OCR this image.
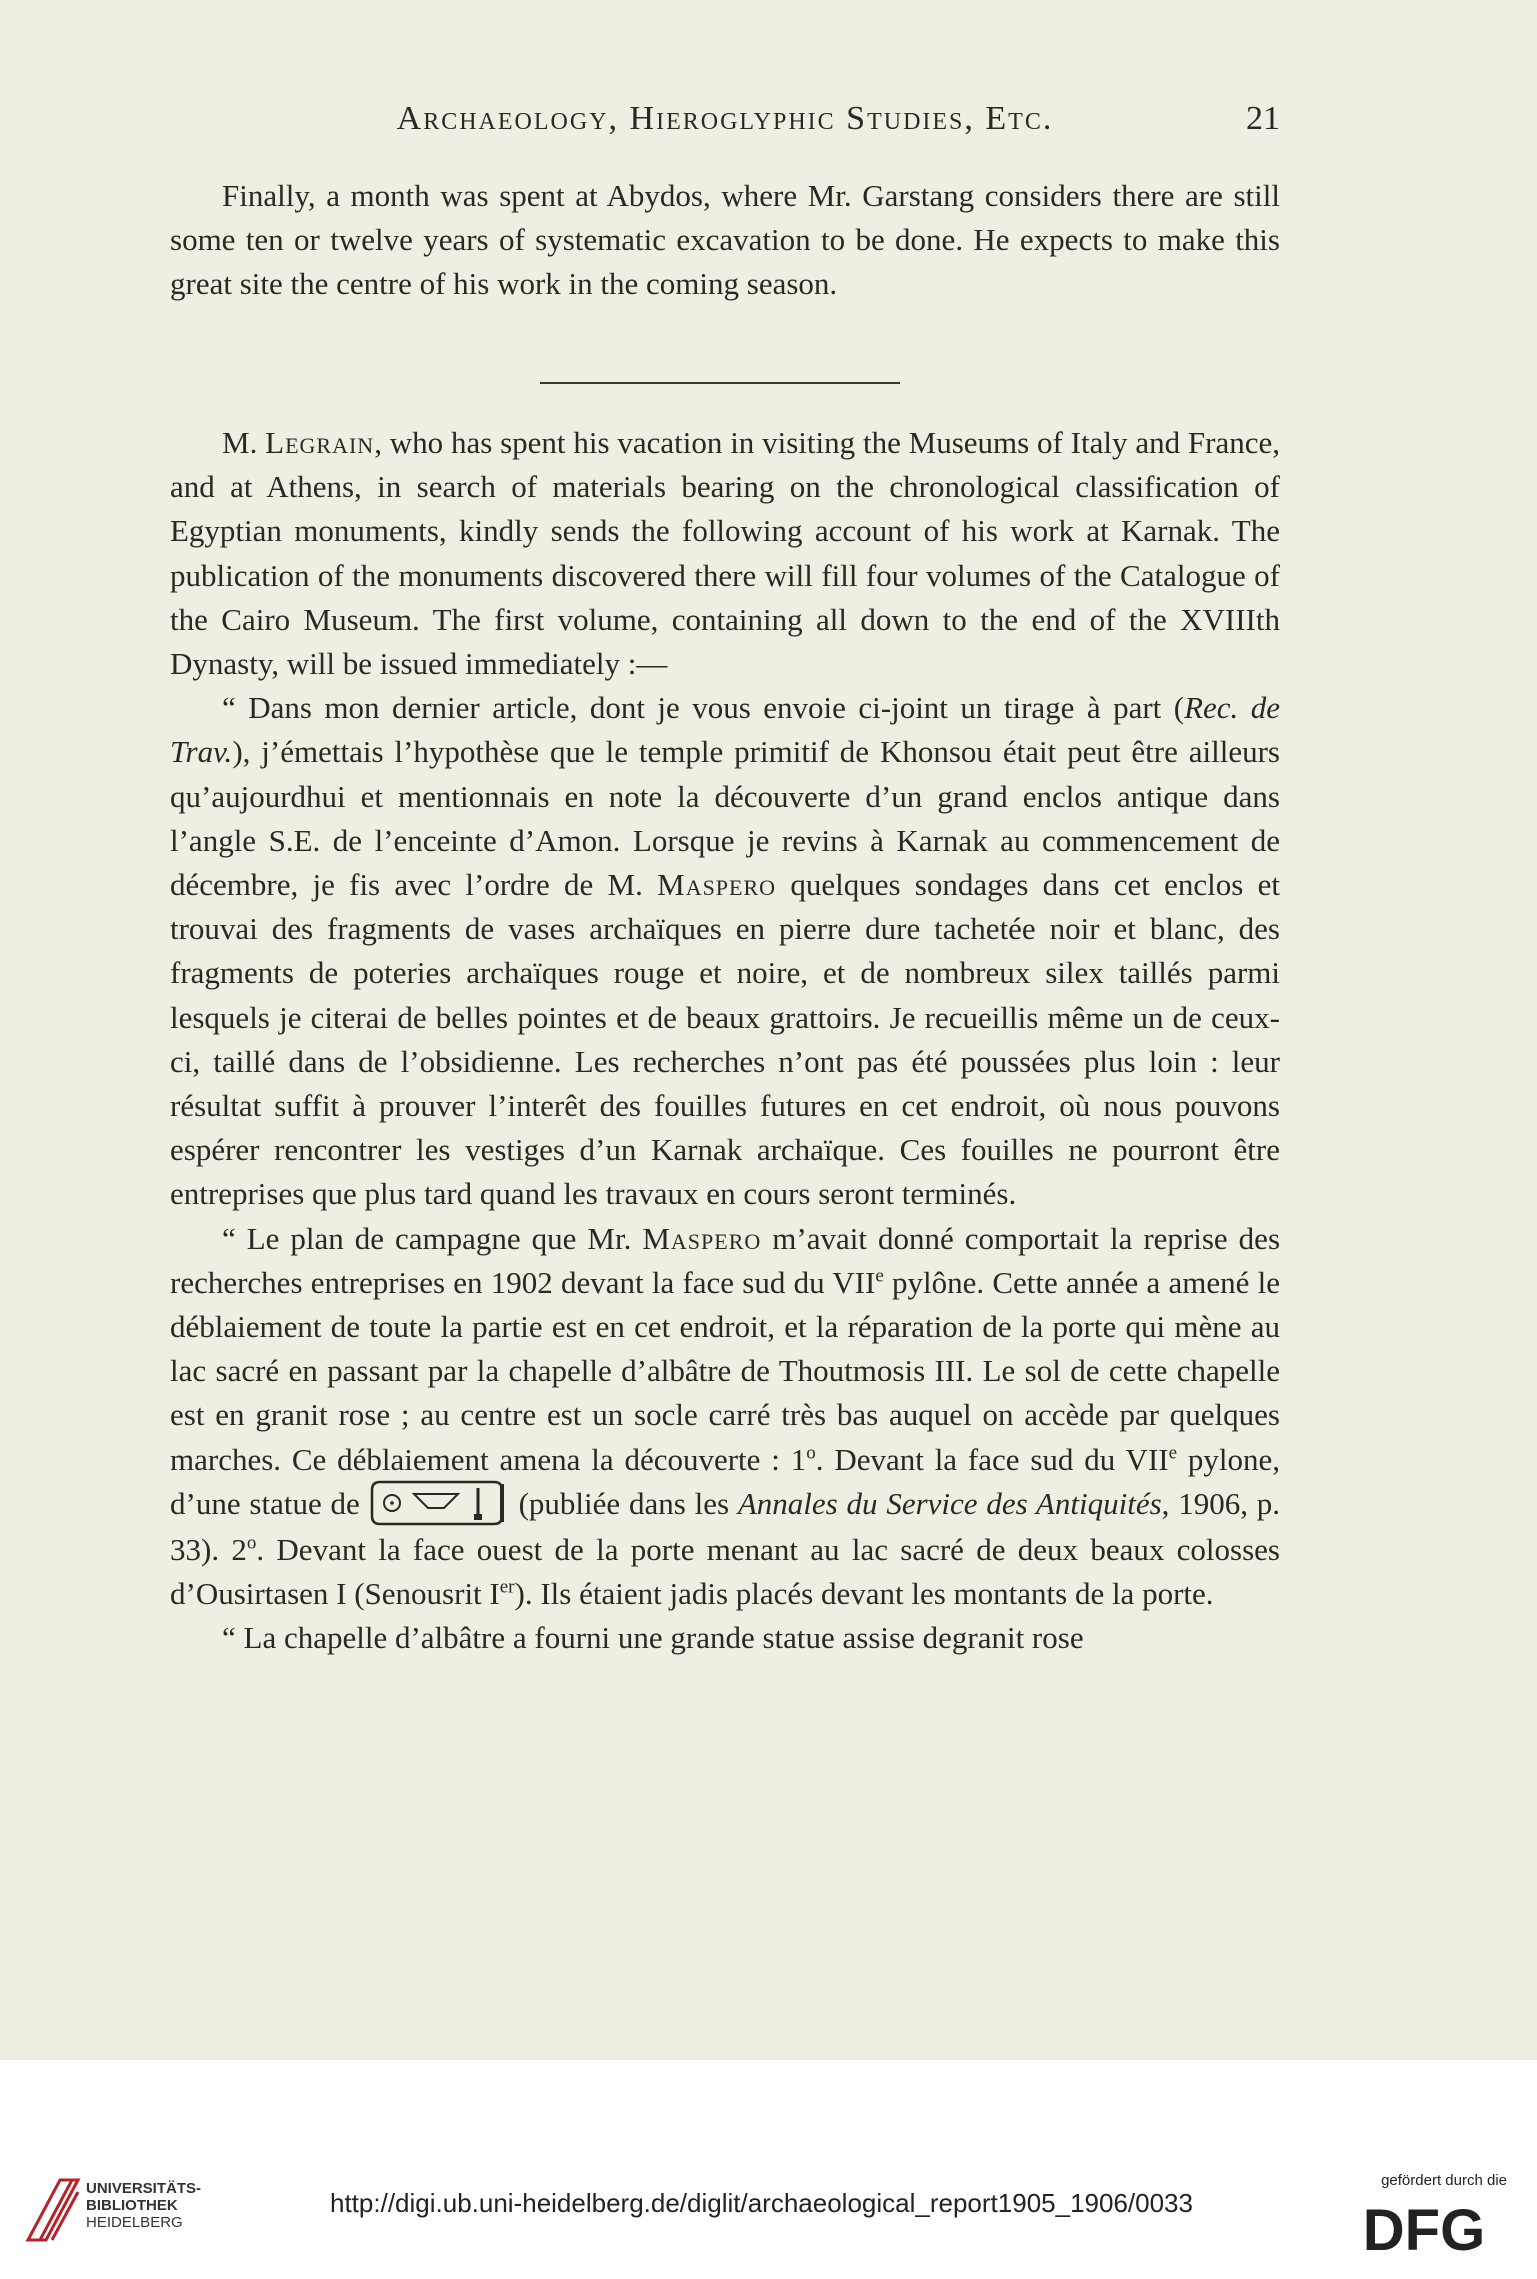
Archaeology, Hieroglyphic Studies, Etc.	21

Finally, a month was spent at Abydos, where Mr. Garstang considers there are still some ten or twelve years of systematic excavation to be done. He expects to make this great site the centre of his work in the coming season.

M. Legrain, who has spent his vacation in visiting the Museums of Italy and France, and at Athens, in search of materials bearing on the chronological classification of Egyptian monuments, kindly sends the following account of his work at Karnak. The publication of the monuments discovered there will fill four volumes of the Catalogue of the Cairo Museum. The first volume, containing all down to the end of the XVIIIth Dynasty, will be issued immediately :—

“ Dans mon dernier article, dont je vous envoie ci-joint un tirage à part (Rec. de Trav.), j’émettais l’hypothèse que le temple primitif de Khonsou était peut être ailleurs qu’aujourdhui et mentionnais en note la découverte d’un grand enclos antique dans l’angle S.E. de l’enceinte d’Amon. Lorsque je revins à Karnak au commencement de décembre, je fis avec l’ordre de M. Maspero quelques sondages dans cet enclos et trouvai des fragments de vases archaïques en pierre dure tachetée noir et blanc, des fragments de poteries archaïques rouge et noire, et de nombreux silex taillés parmi lesquels je citerai de belles pointes et de beaux grattoirs. Je recueillis même un de ceux-ci, taillé dans de l’obsidienne. Les recherches n’ont pas été poussées plus loin : leur résultat suffit à prouver l’interêt des fouilles futures en cet endroit, où nous pouvons espérer rencontrer les vestiges d’un Karnak archaïque. Ces fouilles ne pourront être entreprises que plus tard quand les travaux en cours seront terminés.

“ Le plan de campagne que Mr. Maspero m’avait donné comportait la reprise des recherches entreprises en 1902 devant la face sud du VIIe pylône. Cette année a amené le déblaiement de toute la partie est en cet endroit, et la réparation de la porte qui mène au lac sacré en passant par la chapelle d’albâtre de Thoutmosis III. Le sol de cette chapelle est en granit rose ; au centre est un socle carré très bas auquel on accède par quelques marches. Ce déblaiement amena la découverte : 1$^o$. Devant la face sud du VIIe pylone, d’une statue de	(publiée dans les Annales du Service des Antiquités, 1906, p. 33). 2$^o$. Devant la face ouest de la porte menant au lac sacré de deux beaux colosses d’Ousirtasen I (Senousrit Ier). Ils étaient jadis placés devant les montants de la porte.

“ La chapelle d’albâtre a fourni une grande statue assise degranit rose

UNIVERSITÄTS-
BIBLIOTHEK
HEIDELBERG
http://digi.ub.uni-heidelberg.de/diglit/archaeological_report1905_1906/0033
gefördert durch die
DFG
